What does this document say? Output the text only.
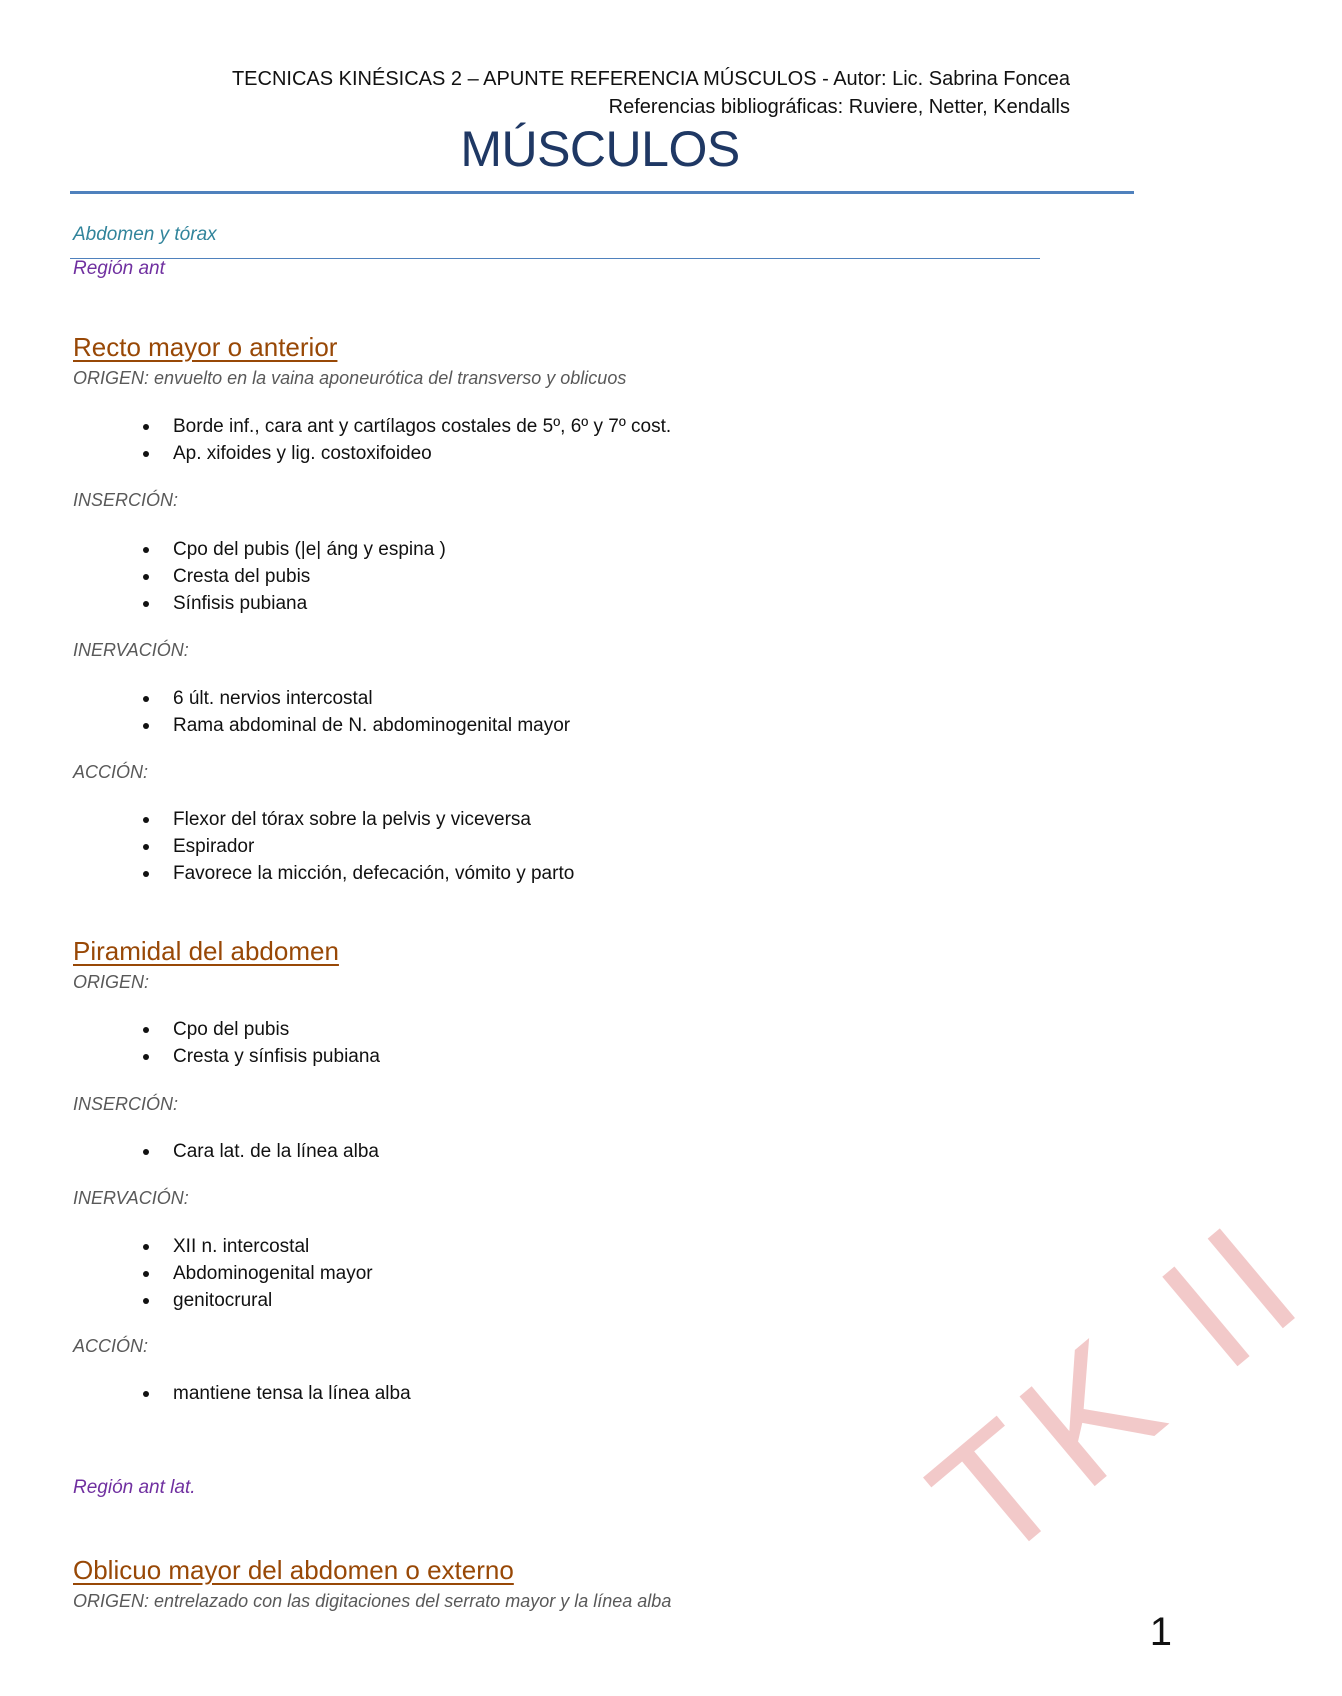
TECNICAS KINÉSICAS 2 – APUNTE REFERENCIA MÚSCULOS - Autor: Lic. Sabrina Foncea
Referencias bibliográficas: Ruviere, Netter, Kendalls
MÚSCULOS
Abdomen y tórax
Región ant
Recto mayor o anterior
ORIGEN: envuelto en la vaina aponeurótica del transverso y oblicuos
Borde inf., cara ant y cartílagos costales de 5º, 6º y 7º cost.
Ap. xifoides y lig. costoxifoideo
INSERCIÓN:
Cpo del pubis (|e| áng y espina )
Cresta del pubis
Sínfisis pubiana
INERVACIÓN:
6 últ. nervios intercostal
Rama abdominal de N. abdominogenital mayor
ACCIÓN:
Flexor del tórax sobre la pelvis y viceversa
Espirador
Favorece la micción, defecación, vómito y parto
Piramidal del abdomen
ORIGEN:
Cpo del pubis
Cresta y sínfisis pubiana
INSERCIÓN:
Cara lat. de la línea alba
INERVACIÓN:
XII n. intercostal
Abdominogenital mayor
genitocrural
ACCIÓN:
mantiene tensa la línea alba
Región ant lat.
Oblicuo mayor del abdomen o externo
ORIGEN: entrelazado con las digitaciones del serrato mayor y la línea alba
TK II
1
